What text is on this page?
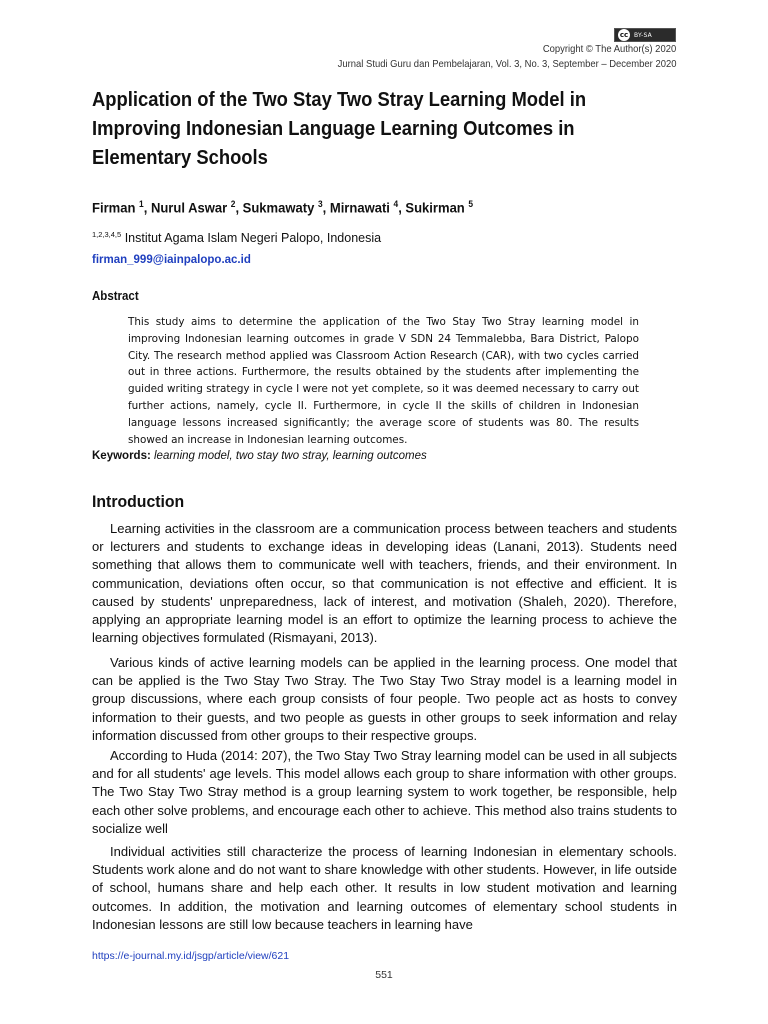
cc BY-SA
Copyright © The Author(s) 2020
Jurnal Studi Guru dan Pembelajaran, Vol. 3, No. 3, September – December 2020
Application of the Two Stay Two Stray Learning Model in Improving Indonesian Language Learning Outcomes in Elementary Schools
Firman $^1$, Nurul Aswar $^2$, Sukmawaty $^3$, Mirnawati $^4$, Sukirman $^5$
$^{1,2,3,4,5}$ Institut Agama Islam Negeri Palopo, Indonesia
firman_999@iainpalopo.ac.id
Abstract

This study aims to determine the application of the Two Stay Two Stray learning model in improving Indonesian learning outcomes in grade V SDN 24 Temmalebba, Bara District, Palopo City. The research method applied was Classroom Action Research (CAR), with two cycles carried out in three actions. Furthermore, the results obtained by the students after implementing the guided writing strategy in cycle I were not yet complete, so it was deemed necessary to carry out further actions, namely, cycle II. Furthermore, in cycle II the skills of children in Indonesian language lessons increased significantly; the average score of students was 80. The results showed an increase in Indonesian learning outcomes.

Keywords: learning model, two stay two stray, learning outcomes
Introduction

Learning activities in the classroom are a communication process between teachers and students or lecturers and students to exchange ideas in developing ideas (Lanani, 2013). Students need something that allows them to communicate well with teachers, friends, and their environment. In communication, deviations often occur, so that communication is not effective and efficient. It is caused by students' unpreparedness, lack of interest, and motivation (Shaleh, 2020). Therefore, applying an appropriate learning model is an effort to optimize the learning process to achieve the learning objectives formulated (Rismayani, 2013).

Various kinds of active learning models can be applied in the learning process. One model that can be applied is the Two Stay Two Stray. The Two Stay Two Stray model is a learning model in group discussions, where each group consists of four people. Two people act as hosts to convey information to their guests, and two people as guests in other groups to seek information and relay information discussed from other groups to their respective groups.

According to Huda (2014: 207), the Two Stay Two Stray learning model can be used in all subjects and for all students' age levels. This model allows each group to share information with other groups. The Two Stay Two Stray method is a group learning system to work together, be responsible, help each other solve problems, and encourage each other to achieve. This method also trains students to socialize well

Individual activities still characterize the process of learning Indonesian in elementary schools. Students work alone and do not want to share knowledge with other students. However, in life outside of school, humans share and help each other. It results in low student motivation and learning outcomes. In addition, the motivation and learning outcomes of elementary school students in Indonesian lessons are still low because teachers in learning have

https://e-journal.my.id/jsgp/article/view/621
551
